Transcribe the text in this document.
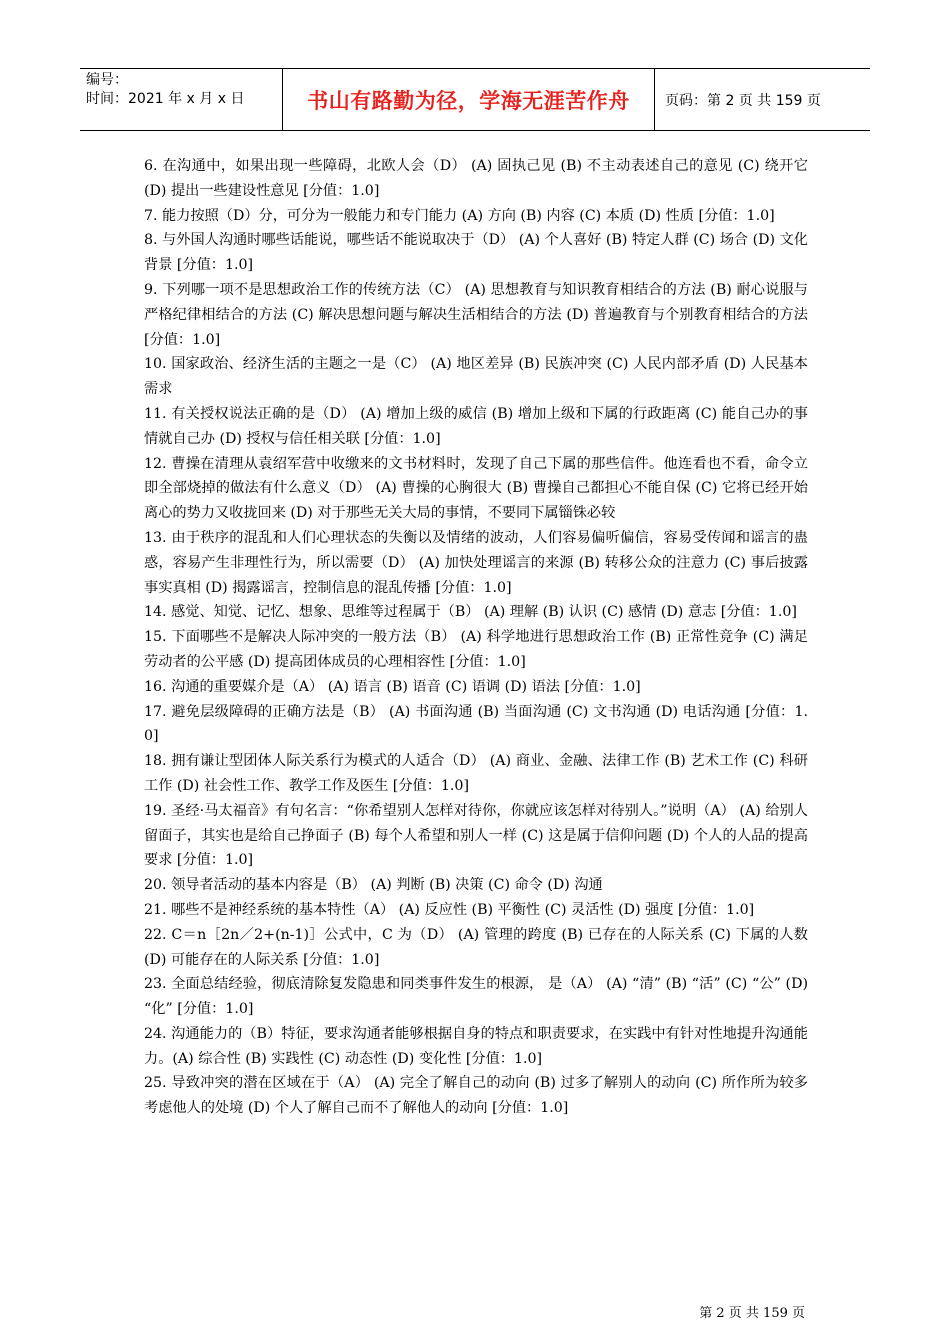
编号：
时间：2021 年 x 月 x 日	书山有路勤为径，学海无涯苦作舟	页码：第 2 页 共 159 页

6. 在沟通中，如果出现一些障碍，北欧人会（D） (A) 固执己见 (B) 不主动表述自己的意见 (C) 绕开它 (D) 提出一些建设性意见 [分值：1.0]

7. 能力按照（D）分，可分为一般能力和专门能力 (A) 方向 (B) 内容 (C) 本质 (D) 性质 [分值：1.0]

8. 与外国人沟通时哪些话能说，哪些话不能说取决于（D） (A) 个人喜好 (B) 特定人群 (C) 场合 (D) 文化背景 [分值：1.0]

9. 下列哪一项不是思想政治工作的传统方法（C） (A) 思想教育与知识教育相结合的方法 (B) 耐心说服与严格纪律相结合的方法 (C) 解决思想问题与解决生活相结合的方法 (D) 普遍教育与个别教育相结合的方法 [分值：1.0]

10. 国家政治、经济生活的主题之一是（C） (A) 地区差异 (B) 民族冲突 (C) 人民内部矛盾 (D) 人民基本需求

11. 有关授权说法正确的是（D） (A) 增加上级的威信 (B) 增加上级和下属的行政距离 (C) 能自己办的事情就自己办 (D) 授权与信任相关联 [分值：1.0]

12. 曹操在清理从袁绍军营中收缴来的文书材料时，发现了自己下属的那些信件。他连看也不看，命令立即全部烧掉的做法有什么意义（D） (A) 曹操的心胸很大 (B) 曹操自己都担心不能自保 (C) 它将已经开始离心的势力又收拢回来 (D) 对于那些无关大局的事情，不要同下属锱铢必较

13. 由于秩序的混乱和人们心理状态的失衡以及情绪的波动，人们容易偏听偏信，容易受传闻和谣言的蛊惑，容易产生非理性行为，所以需要（D） (A) 加快处理谣言的来源 (B) 转移公众的注意力 (C) 事后披露事实真相 (D) 揭露谣言，控制信息的混乱传播 [分值：1.0]

14. 感觉、知觉、记忆、想象、思维等过程属于（B） (A) 理解 (B) 认识 (C) 感情 (D) 意志 [分值：1.0]

15. 下面哪些不是解决人际冲突的一般方法（B） (A) 科学地进行思想政治工作 (B) 正常性竞争 (C) 满足劳动者的公平感 (D) 提高团体成员的心理相容性 [分值：1.0]

16. 沟通的重要媒介是（A） (A) 语言 (B) 语音 (C) 语调 (D) 语法 [分值：1.0]

17. 避免层级障碍的正确方法是（B） (A) 书面沟通 (B) 当面沟通 (C) 文书沟通 (D) 电话沟通 [分值：1.0]

18. 拥有谦让型团体人际关系行为模式的人适合（D） (A) 商业、金融、法律工作 (B) 艺术工作 (C) 科研工作 (D) 社会性工作、教学工作及医生 [分值：1.0]

19. 圣经·马太福音》有句名言：“你希望别人怎样对待你，你就应该怎样对待别人。”说明（A） (A) 给别人留面子，其实也是给自己挣面子 (B) 每个人希望和别人一样 (C) 这是属于信仰问题 (D) 个人的人品的提高要求 [分值：1.0]

20. 领导者活动的基本内容是（B） (A) 判断 (B) 决策 (C) 命令 (D) 沟通

21. 哪些不是神经系统的基本特性（A） (A) 反应性 (B) 平衡性 (C) 灵活性 (D) 强度 [分值：1.0]

22. C＝n［2n／2+(n-1)］公式中，C 为（D） (A) 管理的跨度 (B) 已存在的人际关系 (C) 下属的人数 (D) 可能存在的人际关系 [分值：1.0]

23. 全面总结经验，彻底清除复发隐患和同类事件发生的根源， 是（A） (A) “清” (B) “活” (C) “公” (D) “化” [分值：1.0]

24. 沟通能力的（B）特征，要求沟通者能够根据自身的特点和职责要求，在实践中有针对性地提升沟通能力。(A) 综合性 (B) 实践性 (C) 动态性 (D) 变化性 [分值：1.0]

25. 导致冲突的潜在区域在于（A） (A) 完全了解自己的动向 (B) 过多了解别人的动向 (C) 所作所为较多考虑他人的处境 (D) 个人了解自己而不了解他人的动向 [分值：1.0]

第 2 页 共 159 页
